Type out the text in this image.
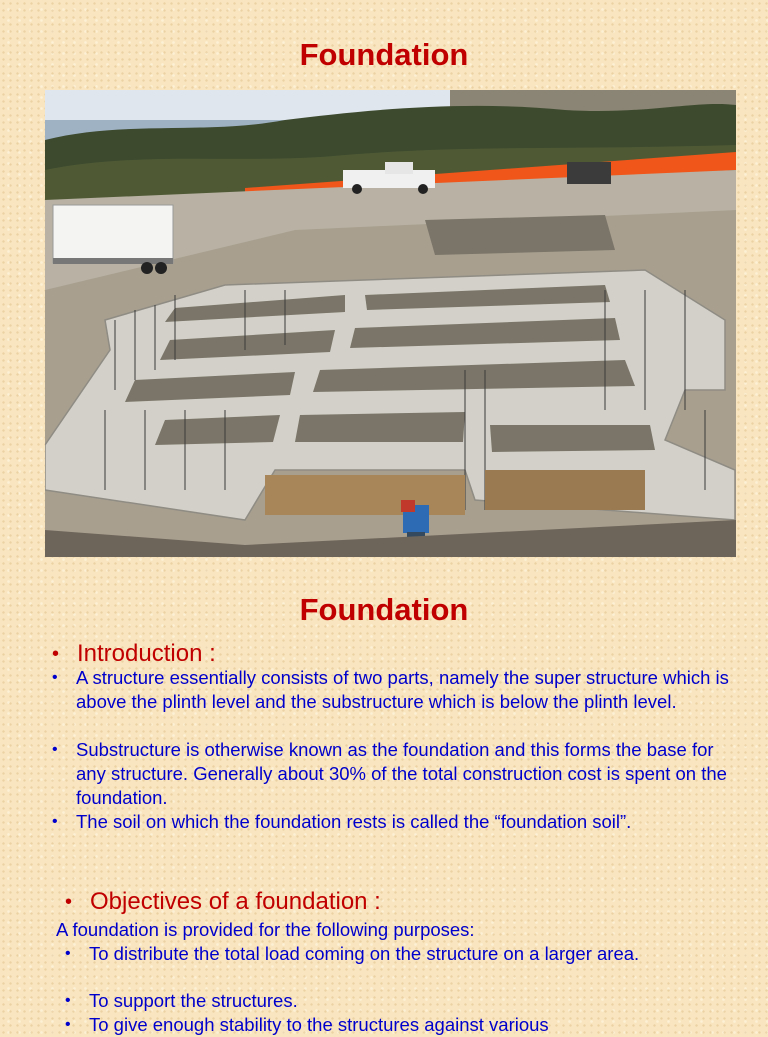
Foundation
Foundation
• Introduction :
• A structure essentially consists of two parts, namely the super structure which is above the plinth level and the substructure which is below the plinth level.
• Substructure is otherwise known as the foundation and this forms the base for any structure. Generally about 30% of the total construction cost is spent on the foundation.
• The soil on which the foundation rests is called the “foundation soil”.
• Objectives of a foundation :
A foundation is provided for the following purposes:
• To distribute the total load coming on the structure on a larger area.
• To support the structures.
• To give enough stability to the structures against various
